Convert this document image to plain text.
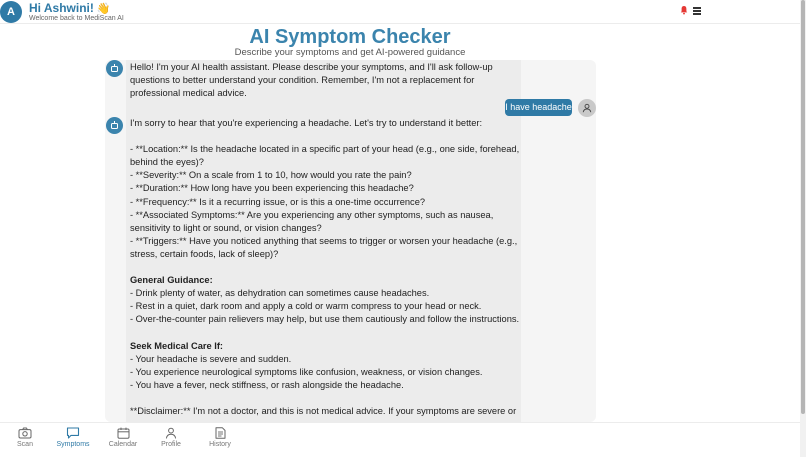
A	Hi Ashwini! 👋
Welcome back to MediScan AI
AI Symptom Checker
Describe your symptoms and get AI-powered guidance

Hello! I'm your AI health assistant. Please describe your symptoms, and I'll ask follow-up

questions to better understand your condition. Remember, I'm not a replacement for

professional medical advice.

I have headache

I'm sorry to hear that you're experiencing a headache. Let's try to understand it better:

- **Location:** Is the headache located in a specific part of your head (e.g., one side, forehead,

behind the eyes)?

- **Severity:** On a scale from 1 to 10, how would you rate the pain?

- **Duration:** How long have you been experiencing this headache?

- **Frequency:** Is it a recurring issue, or is this a one-time occurrence?

- **Associated Symptoms:** Are you experiencing any other symptoms, such as nausea,

sensitivity to light or sound, or vision changes?

- **Triggers:** Have you noticed anything that seems to trigger or worsen your headache (e.g.,

stress, certain foods, lack of sleep)?

General Guidance:

- Drink plenty of water, as dehydration can sometimes cause headaches.

- Rest in a quiet, dark room and apply a cold or warm compress to your head or neck.

- Over-the-counter pain relievers may help, but use them cautiously and follow the instructions.

Seek Medical Care If:

- Your headache is severe and sudden.

- You experience neurological symptoms like confusion, weakness, or vision changes.

- You have a fever, neck stiffness, or rash alongside the headache.

**Disclaimer:** I'm not a doctor, and this is not medical advice. If your symptoms are severe or

Scan	Symptoms	Calendar	Profile	History
